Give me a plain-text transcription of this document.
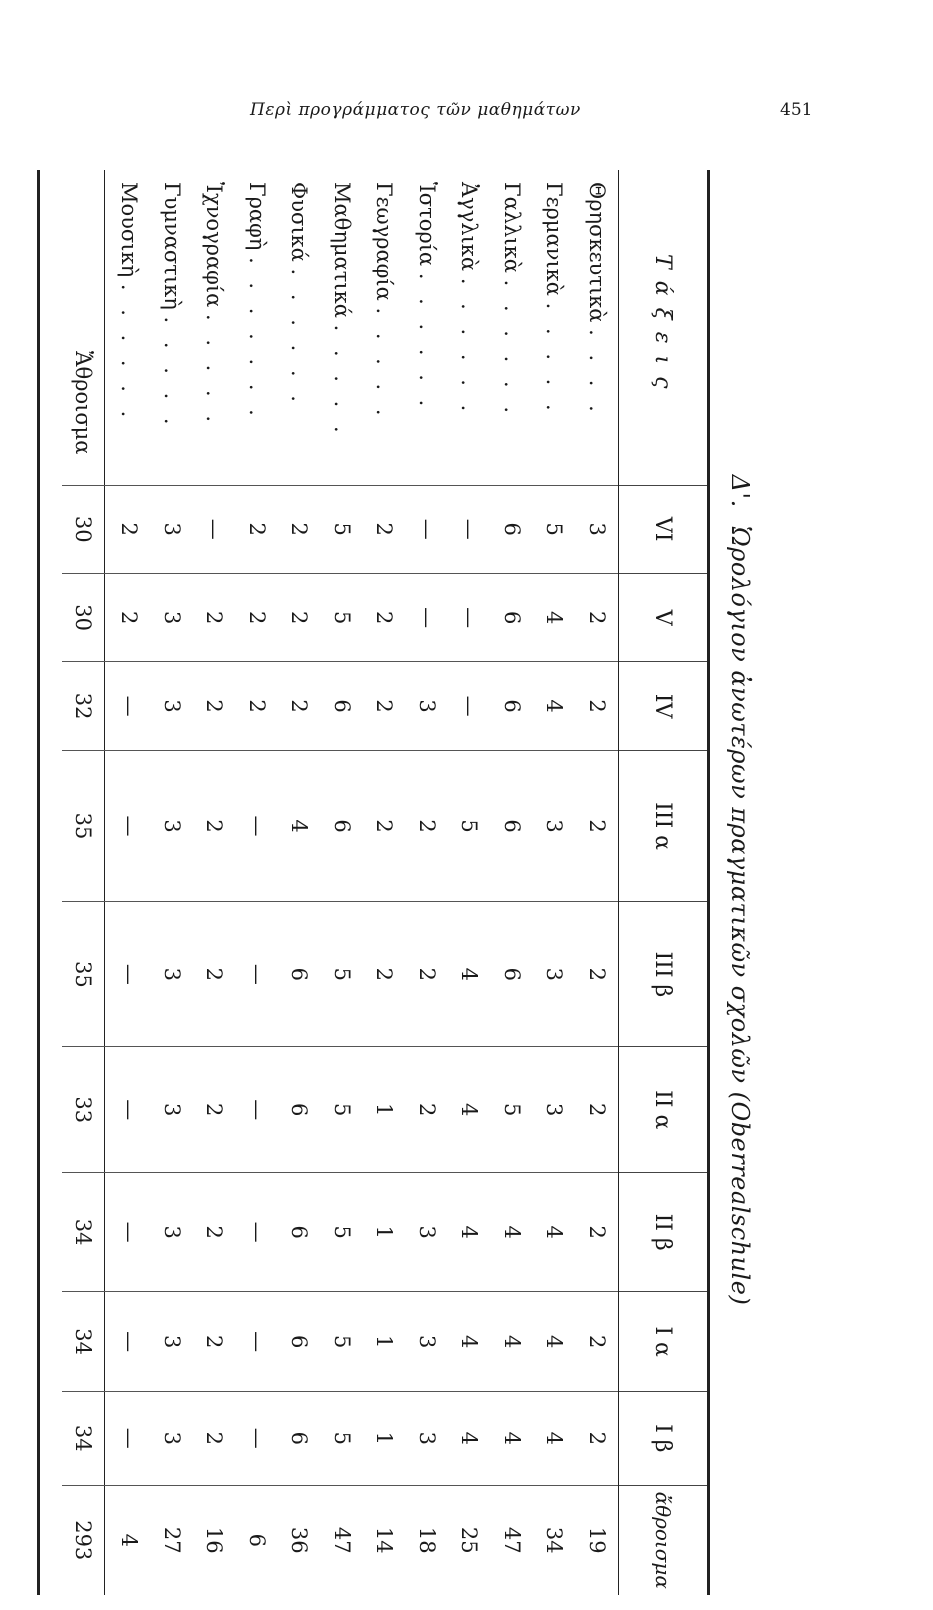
Περὶ προγράμματος τῶν μαθημάτων	451
Δ'. Ὡρολόγιον ἀνωτέρων πραγματικῶν σχολῶν (Oberrealschule)
Τάξεις	VI	V	IV	III α	III β	II α	II β	I α	I β	ἄθροισμα
Θρησκευτικὰ . . . .	3	2	2	2	2	2	2	2	2	19
Γερμανικὰ . . . . .	5	4	4	3	3	3	4	4	4	34
Γαλλικὰ . . . . . .	6	6	6	6	6	5	4	4	4	47
Ἀγγλικὰ . . . . . .	—	—	—	5	4	4	4	4	4	25
Ἱστορία . . . . . .	—	—	3	2	2	2	3	3	3	18
Γεωγραφία . . . . .	2	2	2	2	2	1	1	1	1	14
Μαθηματικά . . . . .	5	5	6	6	5	5	5	5	5	47
Φυσικά . . . . . .	2	2	2	4	6	6	6	6	6	36
Γραφὴ . . . . . . .	2	2	2	—	—	—	—	—	—	6
Ἰχνογραφία . . . . .	—	2	2	2	2	2	2	2	2	16
Γυμναστικὴ . . . . .	3	3	3	3	3	3	3	3	3	27
Μουσικὴ . . . . . .	2	2	—	—	—	—	—	—	—	4
Ἄθροισμα	30	30	32	35	35	33	34	34	34	293
